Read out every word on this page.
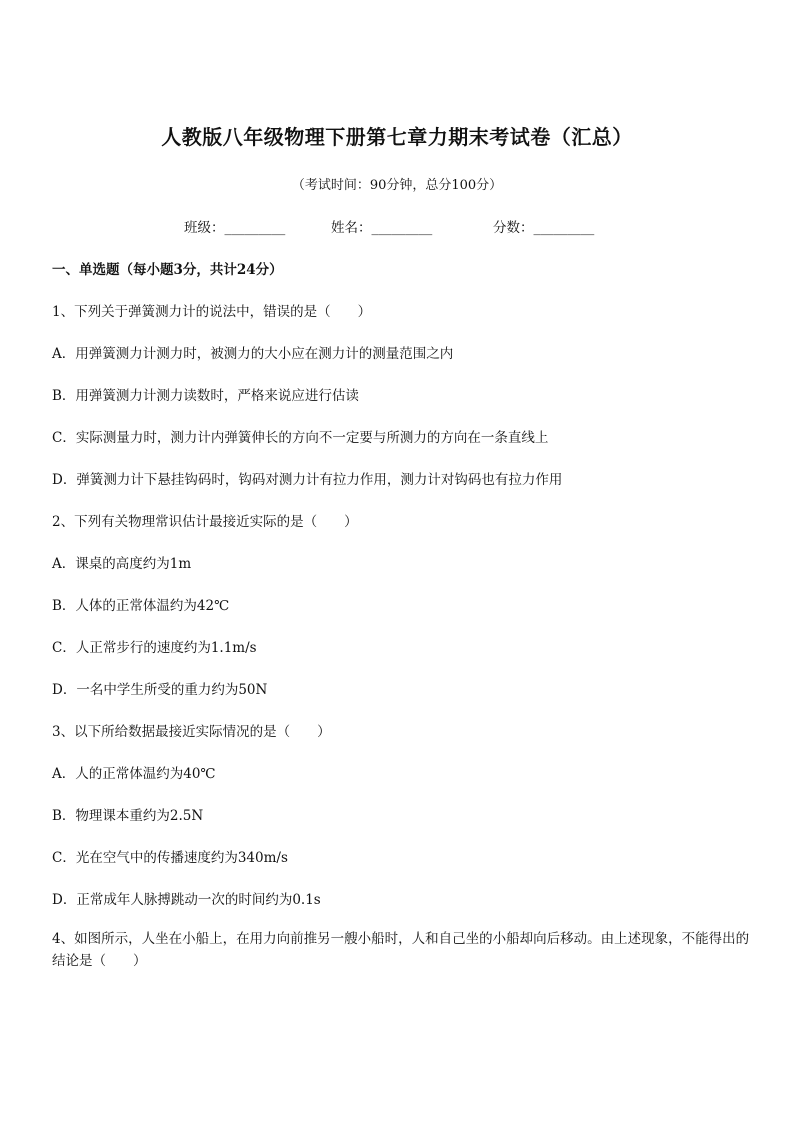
人教版八年级物理下册第七章力期末考试卷（汇总）
（考试时间：90分钟，总分100分）
班级：_________	姓名：_________	分数：_________
一、单选题（每小题3分，共计24分）
1、下列关于弹簧测力计的说法中，错误的是（　　）
A．用弹簧测力计测力时，被测力的大小应在测力计的测量范围之内
B．用弹簧测力计测力读数时，严格来说应进行估读
C．实际测量力时，测力计内弹簧伸长的方向不一定要与所测力的方向在一条直线上
D．弹簧测力计下悬挂钩码时，钩码对测力计有拉力作用，测力计对钩码也有拉力作用
2、下列有关物理常识估计最接近实际的是（　　）
A．课桌的高度约为1m
B．人体的正常体温约为42℃
C．人正常步行的速度约为1.1m/s
D．一名中学生所受的重力约为50N
3、以下所给数据最接近实际情况的是（　　）
A．人的正常体温约为40℃
B．物理课本重约为2.5N
C．光在空气中的传播速度约为340m/s
D．正常成年人脉搏跳动一次的时间约为0.1s
4、如图所示，人坐在小船上，在用力向前推另一艘小船时，人和自己坐的小船却向后移动。由上述现象，不能得出的结论是（　　）
